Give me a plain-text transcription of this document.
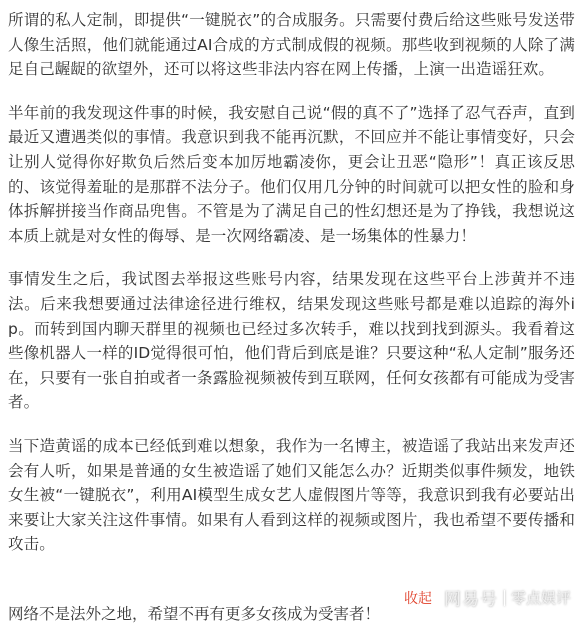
所谓的私人定制，即提供“一键脱衣”的合成服务。只需要付费后给这些账号发送带人像生活照，他们就能通过AI合成的方式制成假的视频。那些收到视频的人除了满足自己龌龊的欲望外，还可以将这些非法内容在网上传播，上演一出造谣狂欢。

半年前的我发现这件事的时候，我安慰自己说“假的真不了”选择了忍气吞声，直到最近又遭遇类似的事情。我意识到我不能再沉默，不回应并不能让事情变好，只会让别人觉得你好欺负后然后变本加厉地霸凌你，更会让丑恶“隐形”！真正该反思的、该觉得羞耻的是那群不法分子。他们仅用几分钟的时间就可以把女性的脸和身体拆解拼接当作商品兜售。不管是为了满足自己的性幻想还是为了挣钱，我想说这本质上就是对女性的侮辱、是一次网络霸凌、是一场集体的性暴力！

事情发生之后，我试图去举报这些账号内容，结果发现在这些平台上涉黄并不违法。后来我想要通过法律途径进行维权，结果发现这些账号都是难以追踪的海外ip。而转到国内聊天群里的视频也已经过多次转手，难以找到找到源头。我看着这些像机器人一样的ID觉得很可怕，他们背后到底是谁？只要这种“私人定制”服务还在，只要有一张自拍或者一条露脸视频被传到互联网，任何女孩都有可能成为受害者。

当下造黄谣的成本已经低到难以想象，我作为一名博主，被造谣了我站出来发声还会有人听，如果是普通的女生被造谣了她们又能怎么办？近期类似事件频发，地铁女生被“一键脱衣”，利用AI模型生成女艺人虚假图片等等，我意识到我有必要站出来要让大家关注这件事情。如果有人看到这样的视频或图片，我也希望不要传播和攻击。

网络不是法外之地，希望不再有更多女孩成为受害者！

收起 网易号 零点娱评
